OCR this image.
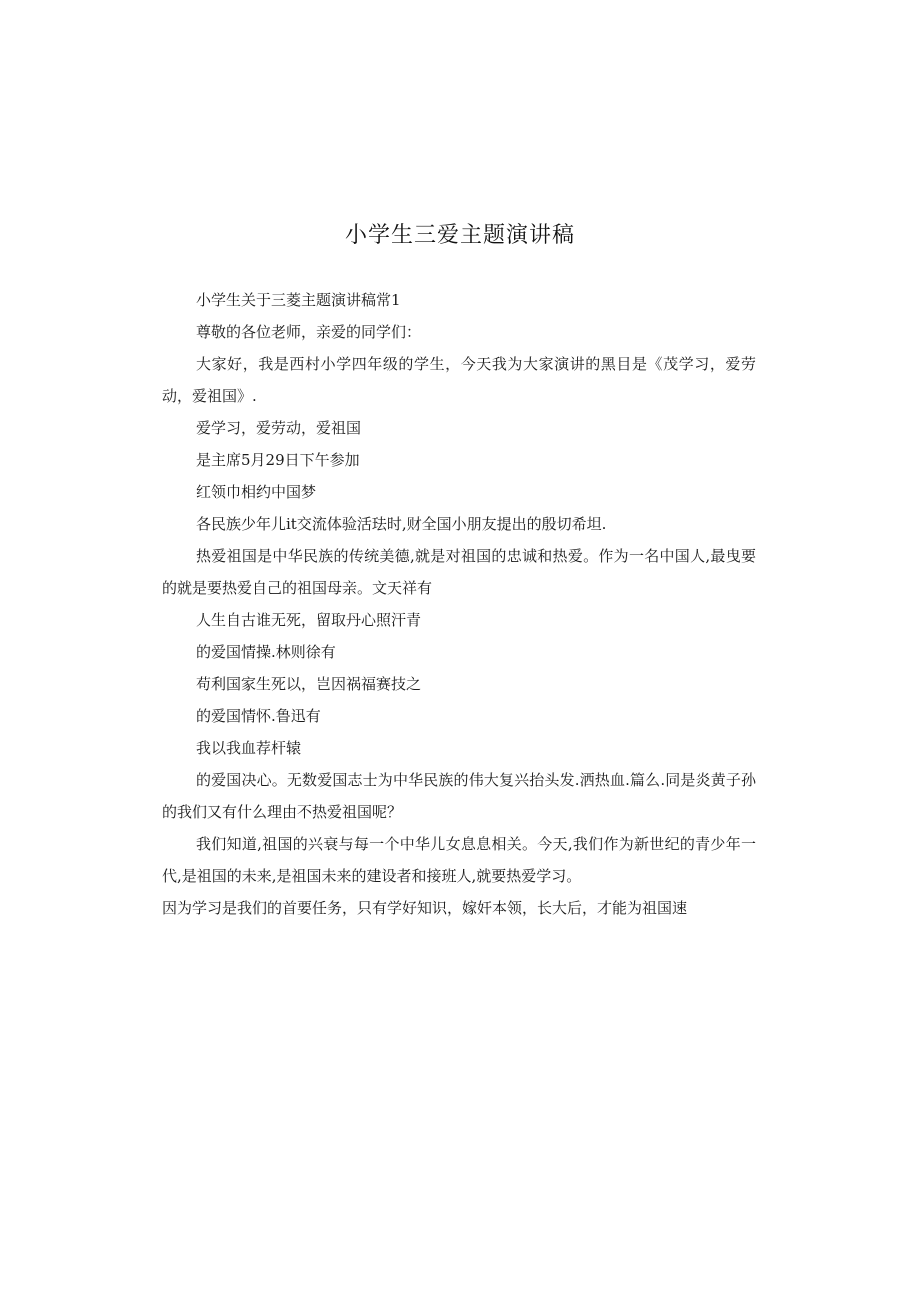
小学生三爱主题演讲稿

小学生关于三菱主题演讲稿常1

尊敬的各位老师，亲爱的同学们：

大家好，我是西村小学四年级的学生，今天我为大家演讲的黑目是《茂学习，爱劳动，爱祖国》.

爱学习，爱劳动，爱祖国

是主席5月29日下午参加

红领巾相约中国梦

各民族少年儿it交流体验活珐时,财全国小朋友提出的殷切希坦.

热爱祖国是中华民族的传统美德,就是对祖国的忠诚和热爱。作为一名中国人,最曳要的就是要热爱自己的祖国母亲。文天祥有

人生自古谁无死，留取丹心照汗青

的爱国情操.林则徐有

苟利国家生死以，岂因祸福赛技之

的爱国情怀.鲁迅有

我以我血荐杆辕

的爱国决心。无数爱国志士为中华民族的伟大复兴抬头发.洒热血.篇么.同是炎黄子孙的我们又有什么理由不热爱祖国呢？

我们知道,祖国的兴衰与每一个中华儿女息息相关。今天,我们作为新世纪的青少年一代,是祖国的未来,是祖国未来的建设者和接班人,就要热爱学习。

因为学习是我们的首要任务，只有学好知识，嫁奸本领，长大后，才能为祖国速
